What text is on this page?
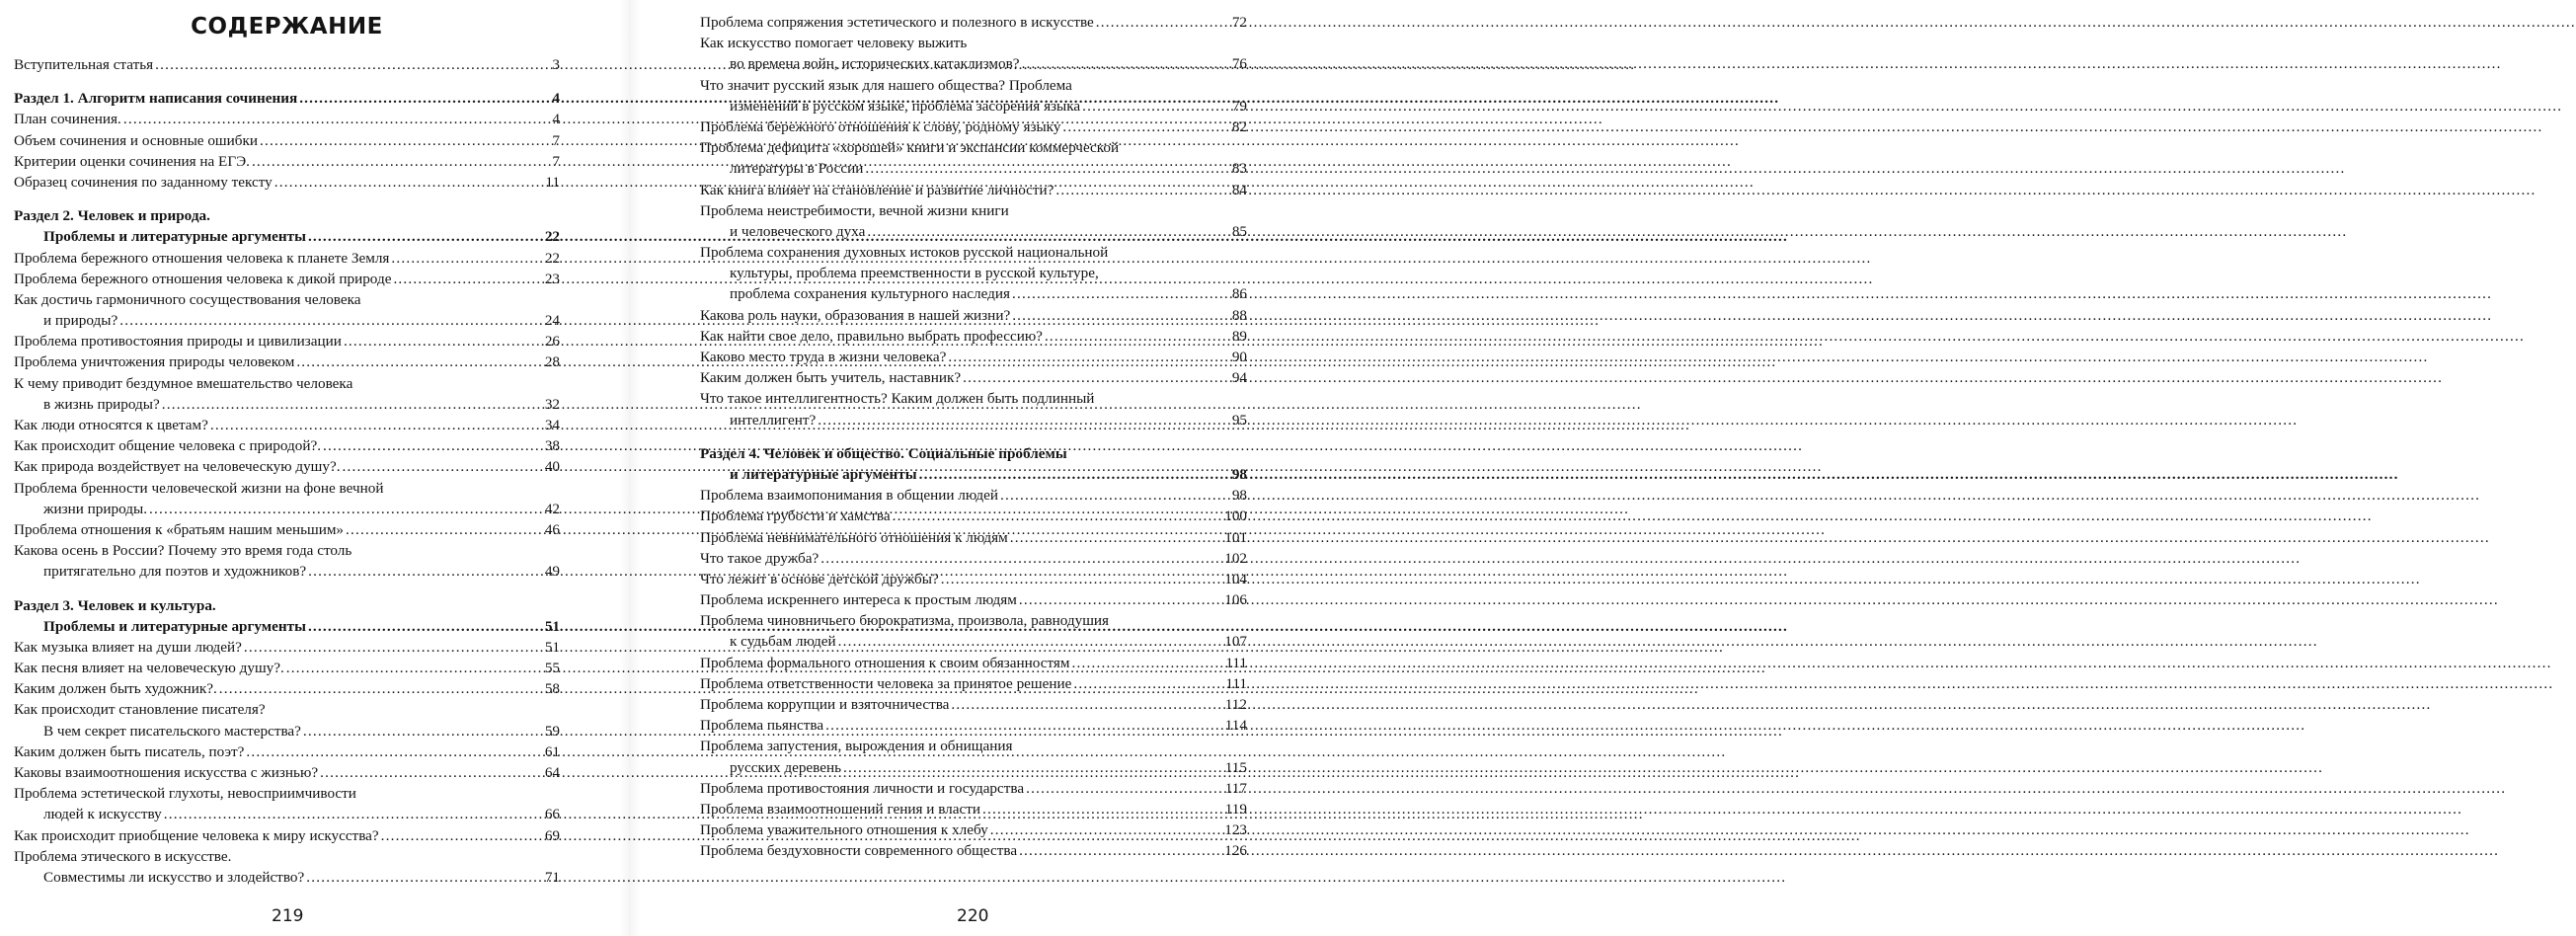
СОДЕРЖАНИЕ
Вступительная статья .....	3
Раздел 1. Алгоритм написания сочинения .....	4
План сочинения. .....	4
Объем сочинения и основные ошибки .....	7
Критерии оценки сочинения на ЕГЭ. .....	7
Образец сочинения по заданному тексту .....	11
Раздел 2. Человек и природа.
Проблемы и литературные аргументы .....	22
Проблема бережного отношения человека к планете Земля .....	22
Проблема бережного отношения человека к дикой природе .....	23
Как достичь гармоничного сосуществования человека
и природы? .....	24
Проблема противостояния природы и цивилизации .....	26
Проблема уничтожения природы человеком .....	28
К чему приводит бездумное вмешательство человека
в жизнь природы? .....	32
Как люди относятся к цветам? .....	34
Как происходит общение человека с природой?. .....	38
Как природа воздействует на человеческую душу?. .....	40
Проблема бренности человеческой жизни на фоне вечной
жизни природы. .....	42
Проблема отношения к «братьям нашим меньшим» .....	46
Какова осень в России? Почему это время года столь
притягательно для поэтов и художников? .....	49
Раздел 3. Человек и культура.
Проблемы и литературные аргументы .....	51
Как музыка влияет на души людей? .....	51
Как песня влияет на человеческую душу?. .....	55
Каким должен быть художник?. .....	58
Как происходит становление писателя?
В чем секрет писательского мастерства? .....	59
Каким должен быть писатель, поэт? .....	61
Каковы взаимоотношения искусства с жизнью? .....	64
Проблема эстетической глухоты, невосприимчивости
людей к искусству .....	66
Как происходит приобщение человека к миру искусства? .....	69
Проблема этического в искусстве.
Совместимы ли искусство и злодейство? .....	71
219
Проблема сопряжения эстетического и полезного в искусстве .....	72
Как искусство помогает человеку выжить
во времена войн, исторических катаклизмов? .....	76
Что значит русский язык для нашего общества? Проблема
изменений в русском языке, проблема засорения языка .....	79
Проблема бережного отношения к слову, родному языку .....	82
Проблема дефицита «хорошей» книги и экспансии коммерческой
литературы в России .....	83
Как книга влияет на становление и развитие личности? .....	84
Проблема неистребимости, вечной жизни книги
и человеческого духа .....	85
Проблема сохранения духовных истоков русской национальной
культуры, проблема преемственности в русской культуре,
проблема сохранения культурного наследия .....	86
Какова роль науки, образования в нашей жизни? .....	88
Как найти свое дело, правильно выбрать профессию? .....	89
Каково место труда в жизни человека? .....	90
Каким должен быть учитель, наставник? .....	94
Что такое интеллигентность? Каким должен быть подлинный
интеллигент? .....	95
Раздел 4. Человек и общество. Социальные проблемы
и литературные аргументы .....	98
Проблема взаимопонимания в общении людей .....	98
Проблема грубости и хамства .....	100
Проблема невнимательного отношения к людям .....	101
Что такое дружба? .....	102
Что лежит в основе детской дружбы? .....	104
Проблема искреннего интереса к простым людям .....	106
Проблема чиновничьего бюрократизма, произвола, равнодушия
к судьбам людей .....	107
Проблема формального отношения к своим обязанностям .....	111
Проблема ответственности человека за принятое решение .....	111
Проблема коррупции и взяточничества .....	112
Проблема пьянства .....	114
Проблема запустения, вырождения и обнищания
русских деревень .....	115
Проблема противостояния личности и государства .....	117
Проблема взаимоотношений гения и власти .....	119
Проблема уважительного отношения к хлебу .....	123
Проблема бездуховности современного общества .....	126
220
